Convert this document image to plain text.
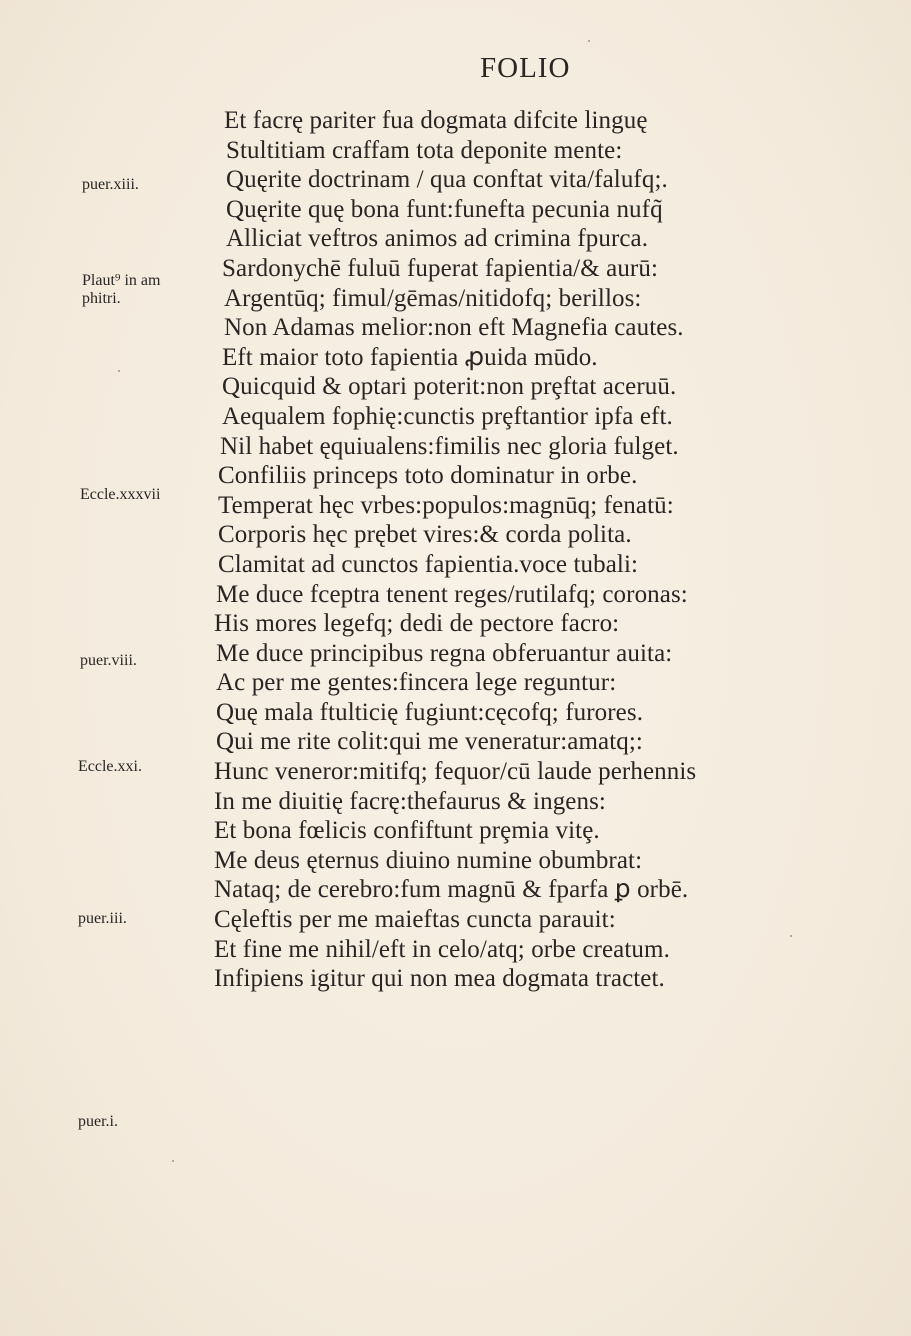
FOLIO
Et facrę pariter fua dogmata difcite linguę
Stultitiam craffam tota deponite mente:
Quęrite doctrinam / qua conftat vita/falufq;.
Quęrite quę bona funt:funefta pecunia nufq̃
Alliciat veftros animos ad crimina fpurca.
Sardonychē fuluū fuperat fapientia/& aurū:
Argentūq; fimul/gēmas/nitidofq; berillos:
Non Adamas melior:non eft Magnefia cautes.
Eft maior toto fapientia ꝓuida mūdo.
Quicquid & optari poterit:non prȩftat aceruū.
Aequalem fophię:cunctis prȩftantior ipfa eft.
Nil habet ęquiualens:fimilis nec gloria fulget.
Confiliis princeps toto dominatur in orbe.
Temperat hęc vrbes:populos:magnūq; fenatū:
Corporis hęc prębet vires:& corda polita.
Clamitat ad cunctos fapientia.voce tubali:
Me duce fceptra tenent reges/rutilafq; coronas:
His mores legefq; dedi de pectore facro:
Me duce principibus regna obferuantur auita:
Ac per me gentes:fincera lege reguntur:
Quę mala ftulticię fugiunt:cęcofq; furores.
Qui me rite colit:qui me veneratur:amatq;:
Hunc veneror:mitifq; fequor/cū laude perhennis
In me diuitię facrę:thefaurus & ingens:
Et bona fœlicis confiftunt prȩmia vitȩ.
Me deus ęternus diuino numine obumbrat:
Nataq; de cerebro:fum magnū & fparfa ꝑ orbē.
Cęleftis per me maieftas cuncta parauit:
Et fine me nihil/eft in celo/atq; orbe creatum.
Infipiens igitur qui non mea dogmata tractet.
puer.xiii.
Plaut⁹ in am
phitri.
Eccle.xxxvii
puer.viii.
Eccle.xxi.
puer.iii.
puer.i.
